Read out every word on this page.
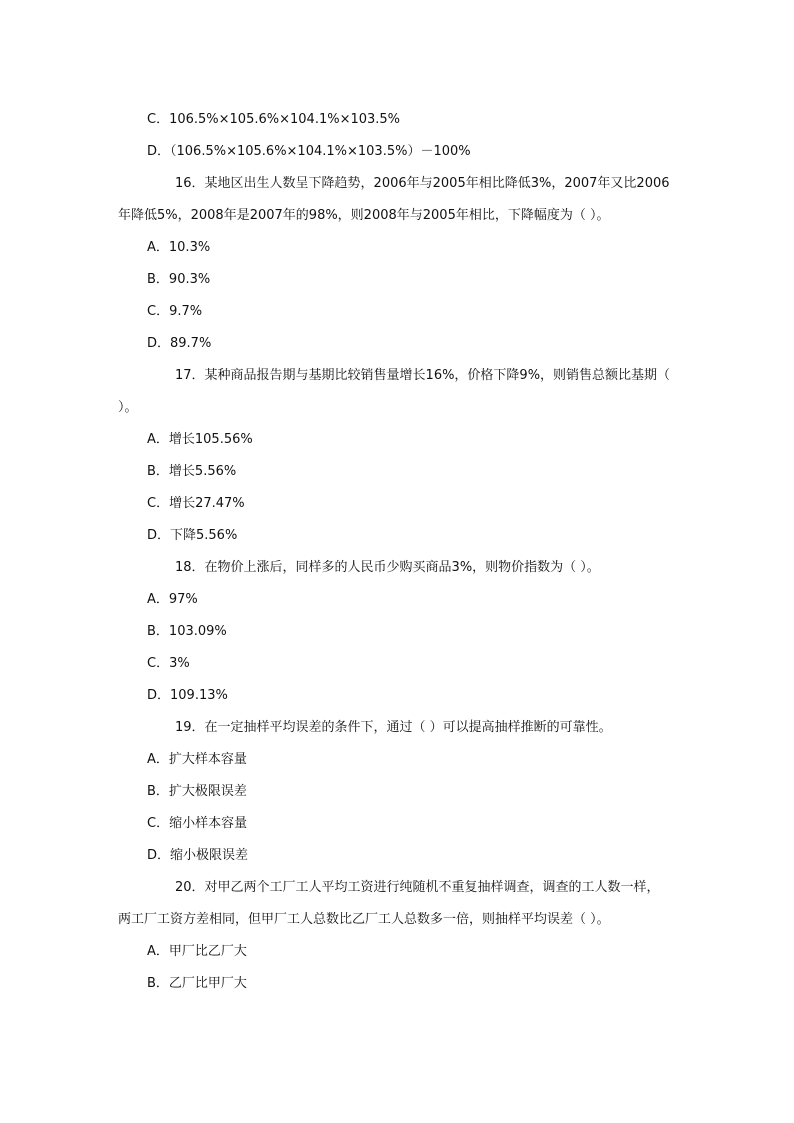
C．106.5%×105.6%×104.1%×103.5%
D．（106.5%×105.6%×104.1%×103.5%）－100%
16．某地区出生人数呈下降趋势，2006年与2005年相比降低3%，2007年又比2006
年降低5%，2008年是2007年的98%，则2008年与2005年相比，下降幅度为（ ）。
A．10.3%
B．90.3%
C．9.7%
D．89.7%
17．某种商品报告期与基期比较销售量增长16%，价格下降9%，则销售总额比基期（
）。
A．增长105.56%
B．增长5.56%
C．增长27.47%
D．下降5.56%
18．在物价上涨后，同样多的人民币少购买商品3%，则物价指数为（ ）。
A．97%
B．103.09%
C．3%
D．109.13%
19．在一定抽样平均误差的条件下，通过（ ）可以提高抽样推断的可靠性。
A．扩大样本容量
B．扩大极限误差
C．缩小样本容量
D．缩小极限误差
20．对甲乙两个工厂工人平均工资进行纯随机不重复抽样调查，调查的工人数一样，
两工厂工资方差相同，但甲厂工人总数比乙厂工人总数多一倍，则抽样平均误差（ ）。
A．甲厂比乙厂大
B．乙厂比甲厂大
